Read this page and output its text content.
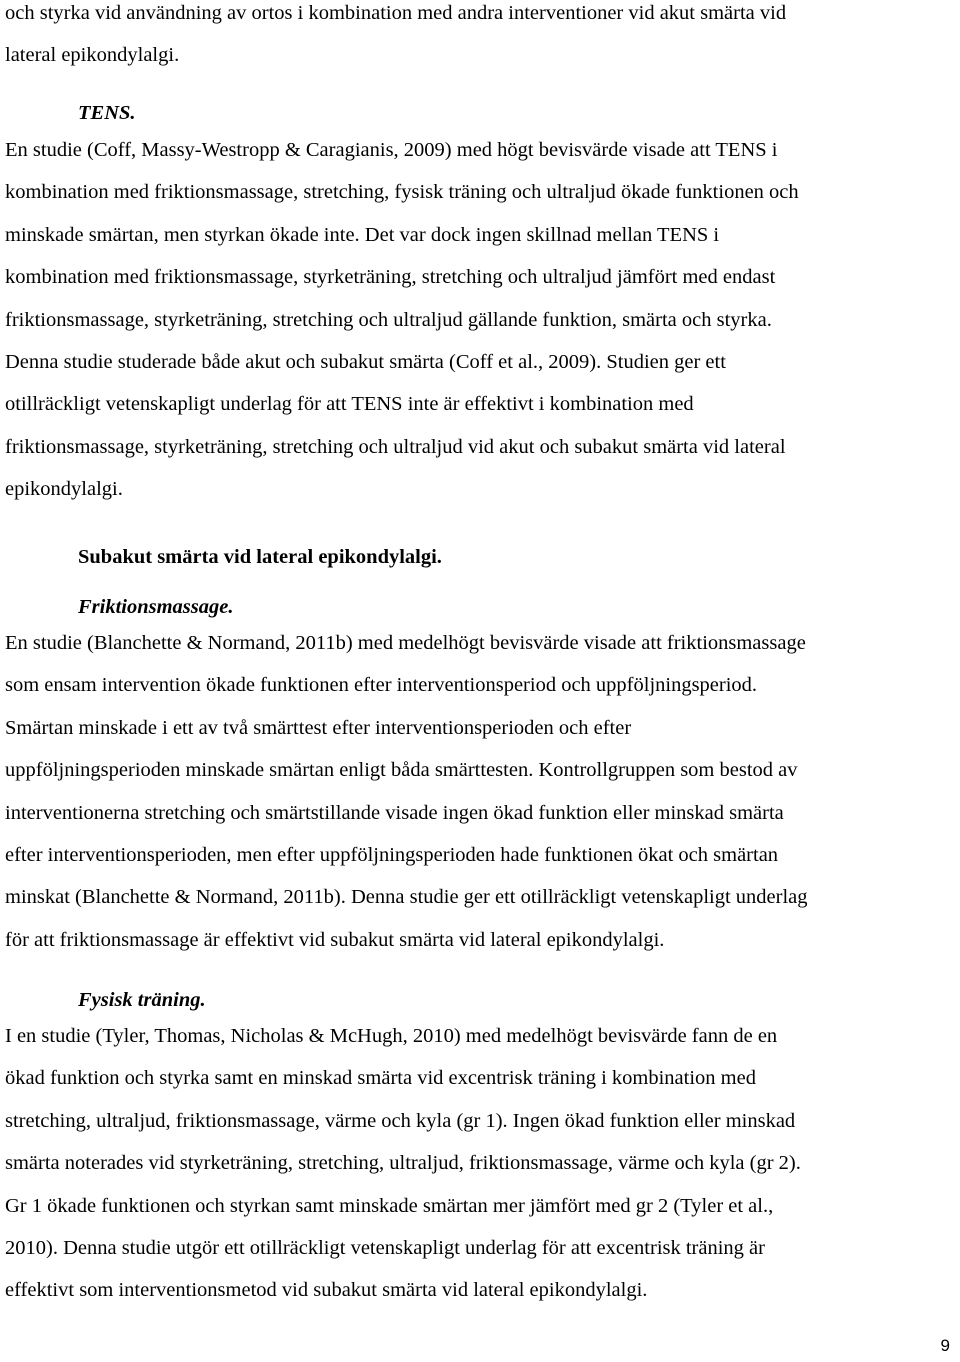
och styrka vid användning av ortos i kombination med andra interventioner vid akut smärta vid
lateral epikondylalgi.
TENS.
En studie (Coff, Massy-Westropp & Caragianis, 2009) med högt bevisvärde visade att TENS i
kombination med friktionsmassage, stretching, fysisk träning och ultraljud ökade funktionen och
minskade smärtan, men styrkan ökade inte. Det var dock ingen skillnad mellan TENS i
kombination med friktionsmassage, styrketräning, stretching och ultraljud jämfört med endast
friktionsmassage, styrketräning, stretching och ultraljud gällande funktion, smärta och styrka.
Denna studie studerade både akut och subakut smärta (Coff et al., 2009). Studien ger ett
otillräckligt vetenskapligt underlag för att TENS inte är effektivt i kombination med
friktionsmassage, styrketräning, stretching och ultraljud vid akut och subakut smärta vid lateral
epikondylalgi.
Subakut smärta vid lateral epikondylalgi.
Friktionsmassage.
En studie (Blanchette & Normand, 2011b) med medelhögt bevisvärde visade att friktionsmassage
som ensam intervention ökade funktionen efter interventionsperiod och uppföljningsperiod.
Smärtan minskade i ett av två smärttest efter interventionsperioden och efter
uppföljningsperioden minskade smärtan enligt båda smärttesten. Kontrollgruppen som bestod av
interventionerna stretching och smärtstillande visade ingen ökad funktion eller minskad smärta
efter interventionsperioden, men efter uppföljningsperioden hade funktionen ökat och smärtan
minskat (Blanchette & Normand, 2011b). Denna studie ger ett otillräckligt vetenskapligt underlag
för att friktionsmassage är effektivt vid subakut smärta vid lateral epikondylalgi.
Fysisk träning.
I en studie (Tyler, Thomas, Nicholas & McHugh, 2010) med medelhögt bevisvärde fann de en
ökad funktion och styrka samt en minskad smärta vid excentrisk träning i kombination med
stretching, ultraljud, friktionsmassage, värme och kyla (gr 1). Ingen ökad funktion eller minskad
smärta noterades vid styrketräning, stretching, ultraljud, friktionsmassage, värme och kyla (gr 2).
Gr 1 ökade funktionen och styrkan samt minskade smärtan mer jämfört med gr 2 (Tyler et al.,
2010). Denna studie utgör ett otillräckligt vetenskapligt underlag för att excentrisk träning är
effektivt som interventionsmetod vid subakut smärta vid lateral epikondylalgi.
9
